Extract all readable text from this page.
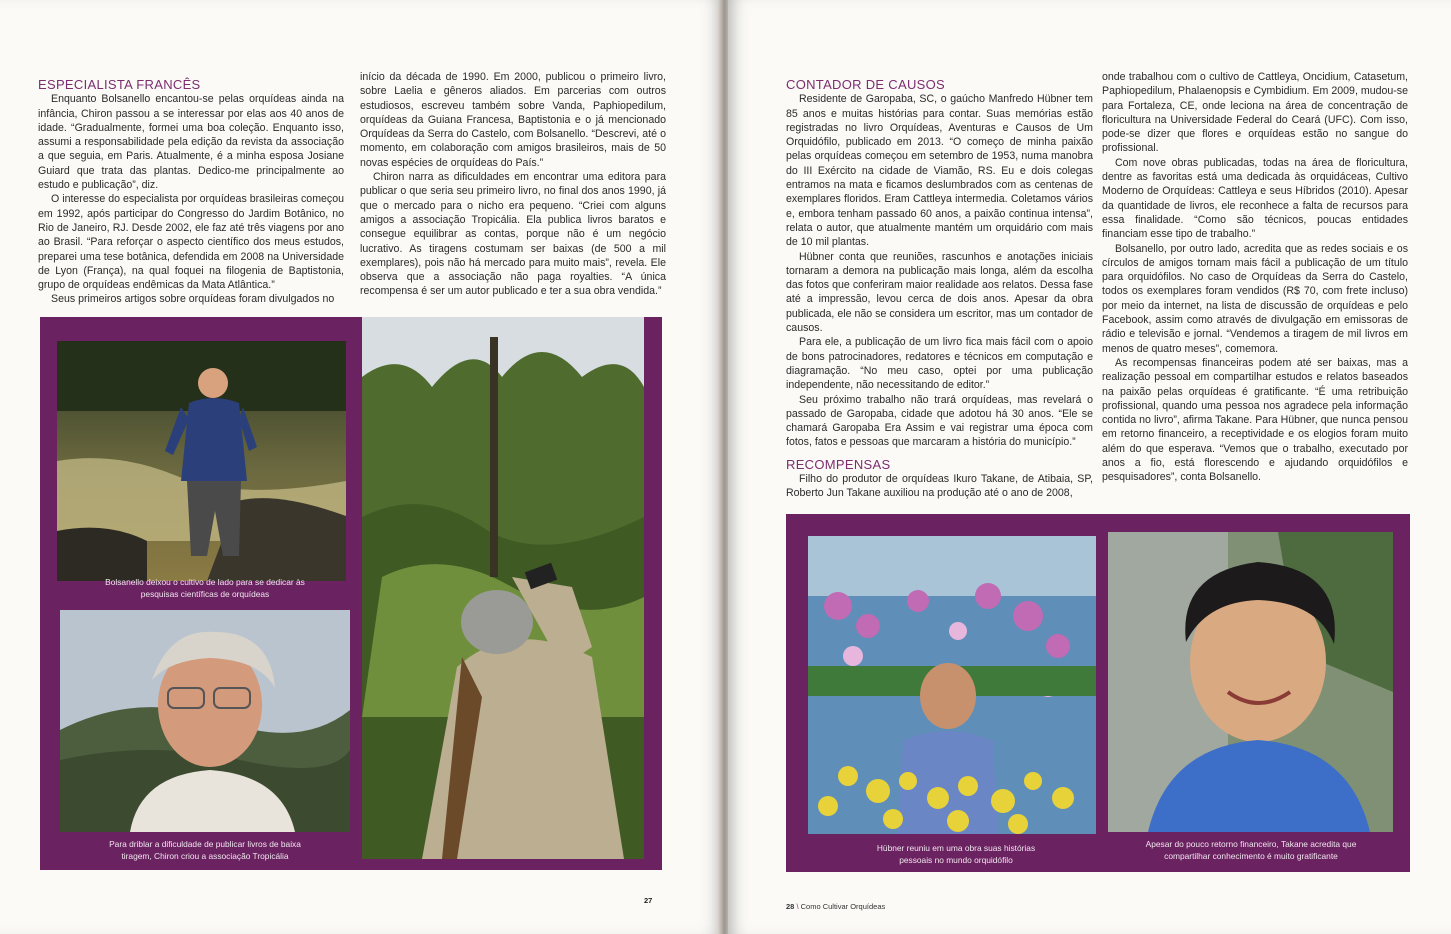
ESPECIALISTA FRANCÊS

Enquanto Bolsanello encantou-se pelas orquídeas ainda na infância, Chiron passou a se interessar por elas aos 40 anos de idade. “Gradualmente, formei uma boa coleção. Enquanto isso, assumi a responsabilidade pela edição da revista da associação a que seguia, em Paris. Atualmente, é a minha esposa Josiane Guiard que trata das plantas. Dedico-me principalmente ao estudo e publicação”, diz.

O interesse do especialista por orquídeas brasileiras começou em 1992, após participar do Congresso do Jardim Botânico, no Rio de Janeiro, RJ. Desde 2002, ele faz até três viagens por ano ao Brasil. “Para reforçar o aspecto científico dos meus estudos, preparei uma tese botânica, defendida em 2008 na Universidade de Lyon (França), na qual foquei na filogenia de Baptistonia, grupo de orquídeas endêmicas da Mata Atlântica.”

Seus primeiros artigos sobre orquídeas foram divulgados no

início da década de 1990. Em 2000, publicou o primeiro livro, sobre Laelia e gêneros aliados. Em parcerias com outros estudiosos, escreveu também sobre Vanda, Paphiopedilum, orquídeas da Guiana Francesa, Baptistonia e o já mencionado Orquídeas da Serra do Castelo, com Bolsanello. “Descrevi, até o momento, em colaboração com amigos brasileiros, mais de 50 novas espécies de orquídeas do País.”

Chiron narra as dificuldades em encontrar uma editora para publicar o que seria seu primeiro livro, no final dos anos 1990, já que o mercado para o nicho era pequeno. “Criei com alguns amigos a associação Tropicália. Ela publica livros baratos e consegue equilibrar as contas, porque não é um negócio lucrativo. As tiragens costumam ser baixas (de 500 a mil exemplares), pois não há mercado para muito mais”, revela. Ele observa que a associação não paga royalties. “A única recompensa é ser um autor publicado e ter a sua obra vendida.”

Bolsanello deixou o cultivo de lado para se dedicar às pesquisas científicas de orquídeas
Para driblar a dificuldade de publicar livros de baixa tiragem, Chiron criou a associação Tropicália
27

CONTADOR DE CAUSOS

Residente de Garopaba, SC, o gaúcho Manfredo Hübner tem 85 anos e muitas histórias para contar. Suas memórias estão registradas no livro Orquídeas, Aventuras e Causos de Um Orquidófilo, publicado em 2013. “O começo de minha paixão pelas orquídeas começou em setembro de 1953, numa manobra do III Exército na cidade de Viamão, RS. Eu e dois colegas entramos na mata e ficamos deslumbrados com as centenas de exemplares floridos. Eram Cattleya intermedia. Coletamos vários e, embora tenham passado 60 anos, a paixão continua intensa”, relata o autor, que atualmente mantém um orquidário com mais de 10 mil plantas.

Hübner conta que reuniões, rascunhos e anotações iniciais tornaram a demora na publicação mais longa, além da escolha das fotos que conferiram maior realidade aos relatos. Dessa fase até a impressão, levou cerca de dois anos. Apesar da obra publicada, ele não se considera um escritor, mas um contador de causos.

Para ele, a publicação de um livro fica mais fácil com o apoio de bons patrocinadores, redatores e técnicos em computação e diagramação. “No meu caso, optei por uma publicação independente, não necessitando de editor.”

Seu próximo trabalho não trará orquídeas, mas revelará o passado de Garopaba, cidade que adotou há 30 anos. “Ele se chamará Garopaba Era Assim e vai registrar uma época com fotos, fatos e pessoas que marcaram a história do município.”

RECOMPENSAS

Filho do produtor de orquídeas Ikuro Takane, de Atibaia, SP, Roberto Jun Takane auxiliou na produção até o ano de 2008,

onde trabalhou com o cultivo de Cattleya, Oncidium, Catasetum, Paphiopedilum, Phalaenopsis e Cymbidium. Em 2009, mudou-se para Fortaleza, CE, onde leciona na área de concentração de floricultura na Universidade Federal do Ceará (UFC). Com isso, pode-se dizer que flores e orquídeas estão no sangue do profissional.

Com nove obras publicadas, todas na área de floricultura, dentre as favoritas está uma dedicada às orquidáceas, Cultivo Moderno de Orquídeas: Cattleya e seus Híbridos (2010). Apesar da quantidade de livros, ele reconhece a falta de recursos para essa finalidade. “Como são técnicos, poucas entidades financiam esse tipo de trabalho.”

Bolsanello, por outro lado, acredita que as redes sociais e os círculos de amigos tornam mais fácil a publicação de um título para orquidófilos. No caso de Orquídeas da Serra do Castelo, todos os exemplares foram vendidos (R$ 70, com frete incluso) por meio da internet, na lista de discussão de orquídeas e pelo Facebook, assim como através de divulgação em emissoras de rádio e televisão e jornal. “Vendemos a tiragem de mil livros em menos de quatro meses”, comemora.

As recompensas financeiras podem até ser baixas, mas a realização pessoal em compartilhar estudos e relatos baseados na paixão pelas orquídeas é gratificante. “É uma retribuição profissional, quando uma pessoa nos agradece pela informação contida no livro”, afirma Takane. Para Hübner, que nunca pensou em retorno financeiro, a receptividade e os elogios foram muito além do que esperava. “Vemos que o trabalho, executado por anos a fio, está florescendo e ajudando orquidófilos e pesquisadores”, conta Bolsanello.

Hübner reuniu em uma obra suas histórias pessoais no mundo orquidófilo
Apesar do pouco retorno financeiro, Takane acredita que compartilhar conhecimento é muito gratificante
28 \ Como Cultivar Orquídeas
